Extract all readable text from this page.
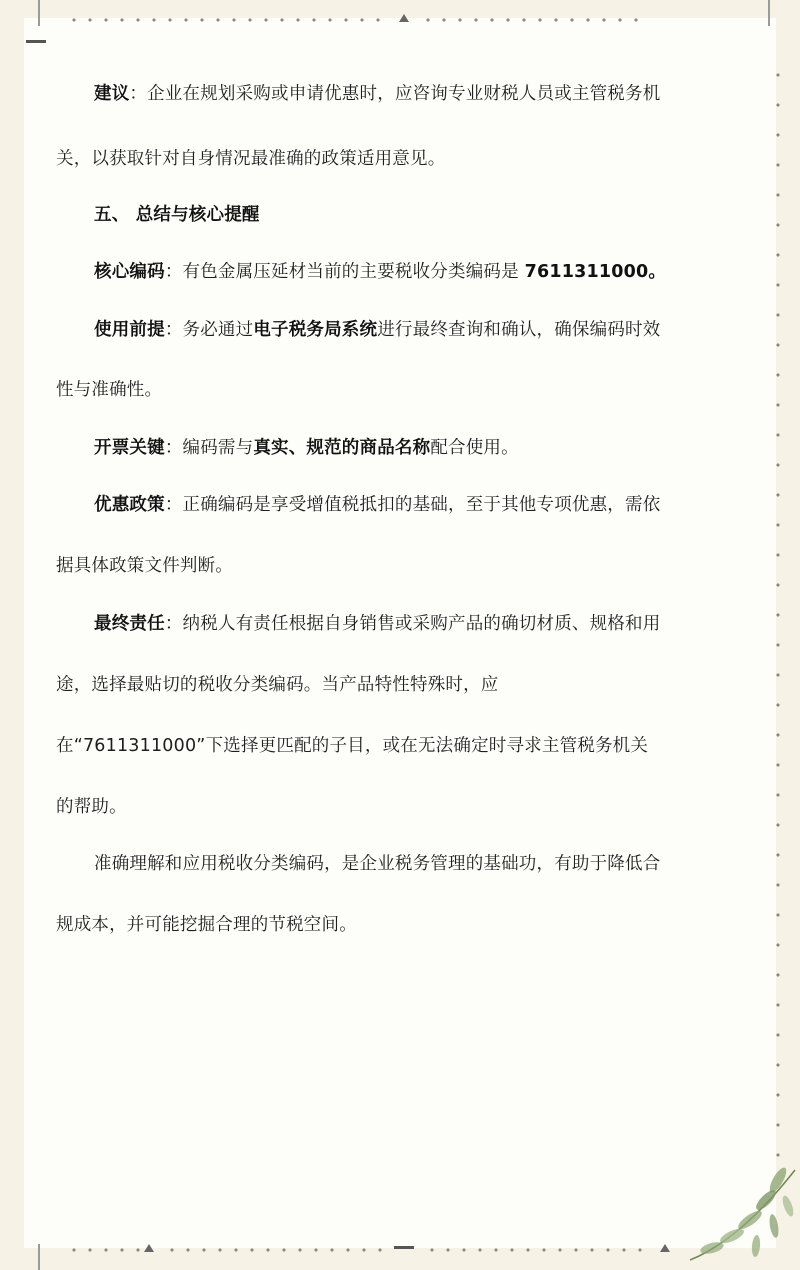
建议：企业在规划采购或申请优惠时，应咨询专业财税人员或主管税务机
关，以获取针对自身情况最准确的政策适用意见。
五、 总结与核心提醒
核心编码：有色金属压延材当前的主要税收分类编码是 7611311000。
使用前提：务必通过电子税务局系统进行最终查询和确认，确保编码时效
性与准确性。
开票关键：编码需与真实、规范的商品名称配合使用。
优惠政策：正确编码是享受增值税抵扣的基础，至于其他专项优惠，需依
据具体政策文件判断。
最终责任：纳税人有责任根据自身销售或采购产品的确切材质、规格和用
途，选择最贴切的税收分类编码。当产品特性特殊时，应
在“7611311000”下选择更匹配的子目，或在无法确定时寻求主管税务机关
的帮助。
准确理解和应用税收分类编码，是企业税务管理的基础功，有助于降低合
规成本，并可能挖掘合理的节税空间。
